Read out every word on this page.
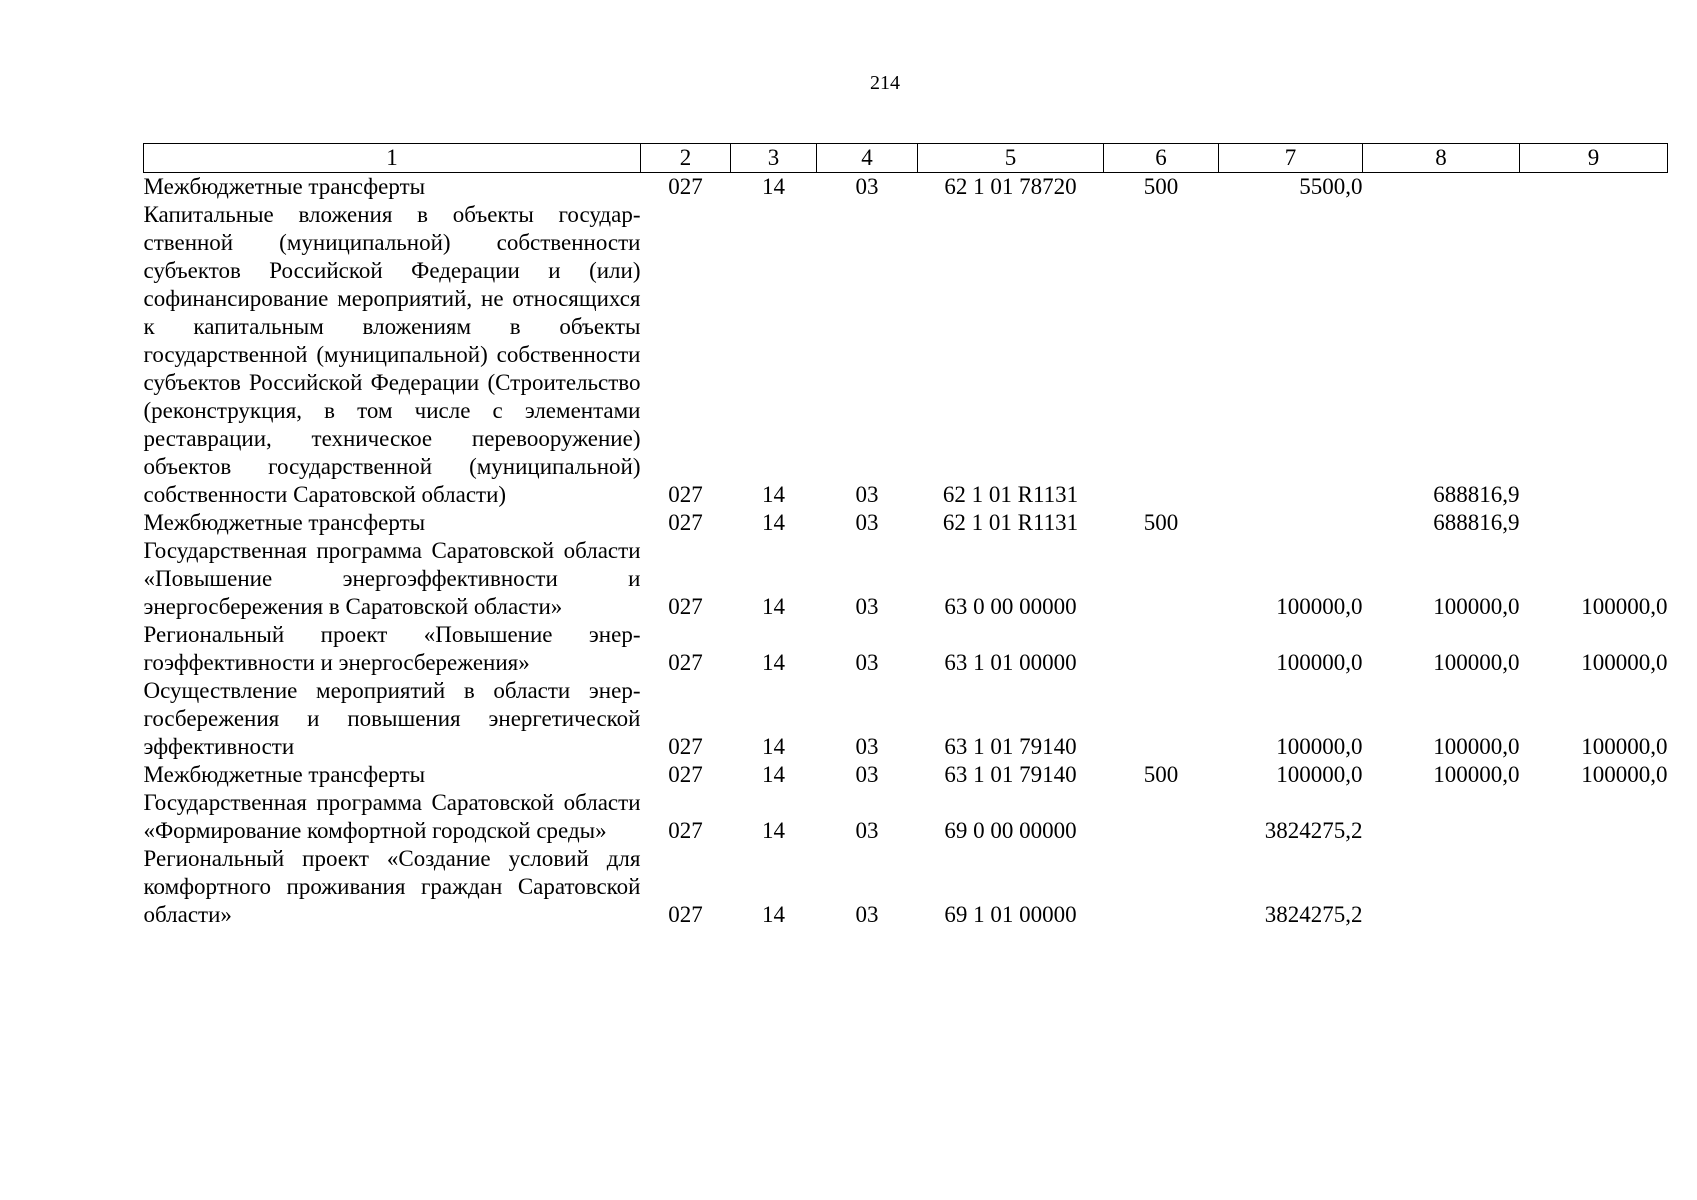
214
1	2	3	4	5	6	7	8	9
Межбюджетные трансферты	027	14	03	62 1 01 78720	500	5500,0		
Капитальные вложения в объекты государственной (муниципальной) собственности субъектов Российской Федерации и (или) софинансирование мероприятий, не относящихся к капитальным вложениям в объекты государственной (муниципальной) собственности субъектов Российской Федерации (Строительство (реконструкция, в том числе с элементами реставрации, техническое перевооружение) объектов государственной (муниципальной) собственности Саратовской области)	027	14	03	62 1 01 R1131			688816,9	
Межбюджетные трансферты	027	14	03	62 1 01 R1131	500		688816,9	
Государственная программа Саратовской области «Повышение энергоэффективности и энергосбережения в Саратовской области»	027	14	03	63 0 00 00000		100000,0	100000,0	100000,0
Региональный проект «Повышение энергоэффективности и энергосбережения»	027	14	03	63 1 01 00000		100000,0	100000,0	100000,0
Осуществление мероприятий в области энергосбережения и повышения энергетической эффективности	027	14	03	63 1 01 79140		100000,0	100000,0	100000,0
Межбюджетные трансферты	027	14	03	63 1 01 79140	500	100000,0	100000,0	100000,0
Государственная программа Саратовской области «Формирование комфортной городской среды»	027	14	03	69 0 00 00000		3824275,2		
Региональный проект «Создание условий для комфортного проживания граждан Саратовской области»	027	14	03	69 1 01 00000		3824275,2		
